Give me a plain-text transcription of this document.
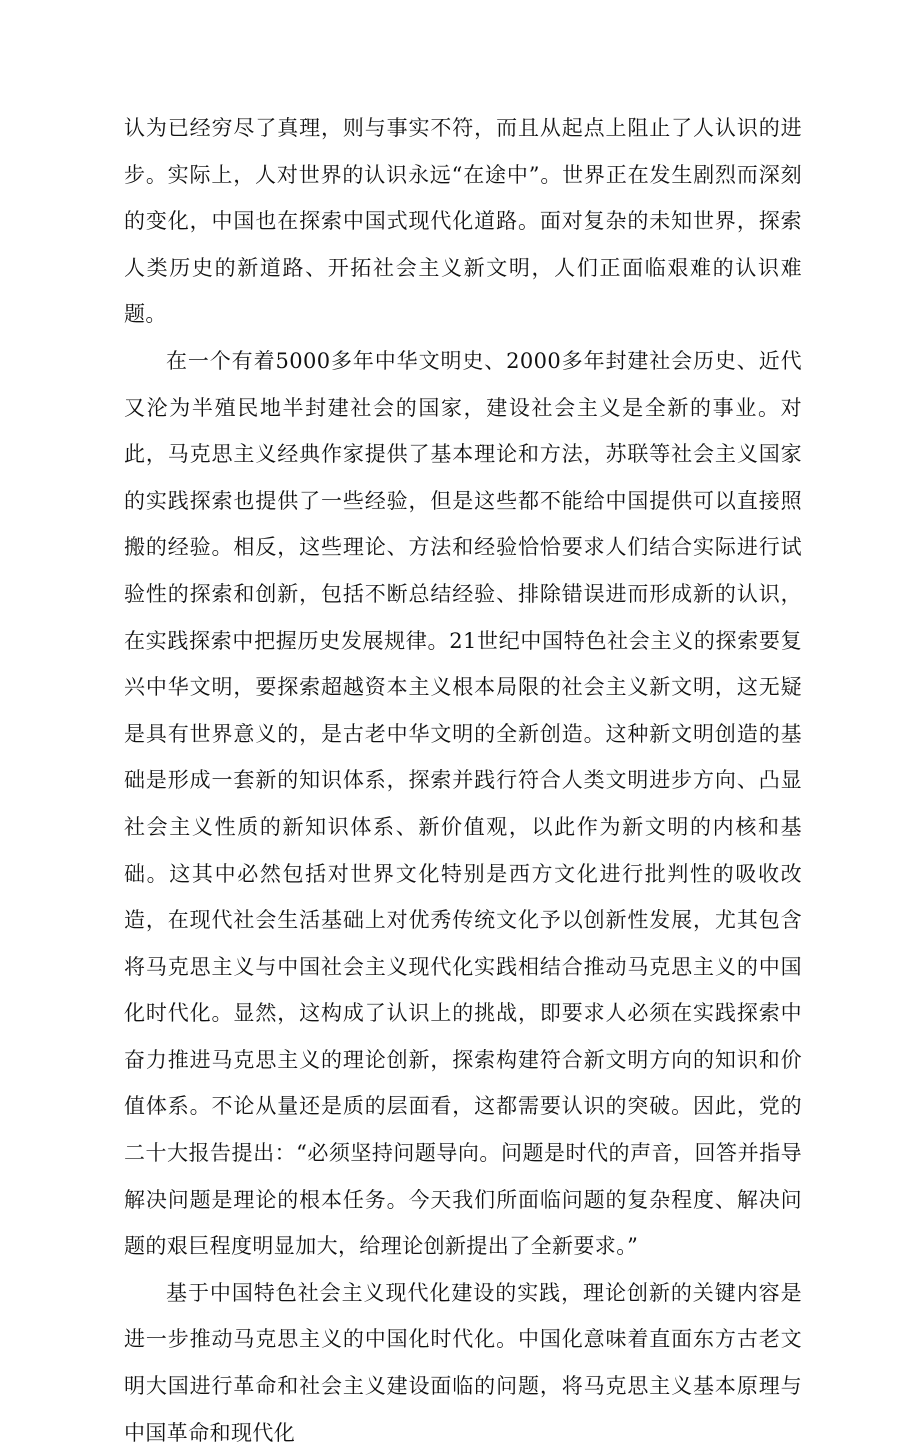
认为已经穷尽了真理，则与事实不符，而且从起点上阻止了人认识的进步。实际上，人对世界的认识永远“在途中”。世界正在发生剧烈而深刻的变化，中国也在探索中国式现代化道路。面对复杂的未知世界，探索人类历史的新道路、开拓社会主义新文明，人们正面临艰难的认识难题。

在一个有着5000多年中华文明史、2000多年封建社会历史、近代又沦为半殖民地半封建社会的国家，建设社会主义是全新的事业。对此，马克思主义经典作家提供了基本理论和方法，苏联等社会主义国家的实践探索也提供了一些经验，但是这些都不能给中国提供可以直接照搬的经验。相反，这些理论、方法和经验恰恰要求人们结合实际进行试验性的探索和创新，包括不断总结经验、排除错误进而形成新的认识，在实践探索中把握历史发展规律。21世纪中国特色社会主义的探索要复兴中华文明，要探索超越资本主义根本局限的社会主义新文明，这无疑是具有世界意义的，是古老中华文明的全新创造。这种新文明创造的基础是形成一套新的知识体系，探索并践行符合人类文明进步方向、凸显社会主义性质的新知识体系、新价值观，以此作为新文明的内核和基础。这其中必然包括对世界文化特别是西方文化进行批判性的吸收改造，在现代社会生活基础上对优秀传统文化予以创新性发展，尤其包含将马克思主义与中国社会主义现代化实践相结合推动马克思主义的中国化时代化。显然，这构成了认识上的挑战，即要求人必须在实践探索中奋力推进马克思主义的理论创新，探索构建符合新文明方向的知识和价值体系。不论从量还是质的层面看，这都需要认识的突破。因此，党的二十大报告提出：“必须坚持问题导向。问题是时代的声音，回答并指导解决问题是理论的根本任务。今天我们所面临问题的复杂程度、解决问题的艰巨程度明显加大，给理论创新提出了全新要求。”

基于中国特色社会主义现代化建设的实践，理论创新的关键内容是进一步推动马克思主义的中国化时代化。中国化意味着直面东方古老文明大国进行革命和社会主义建设面临的问题，将马克思主义基本原理与中国革命和现代化
